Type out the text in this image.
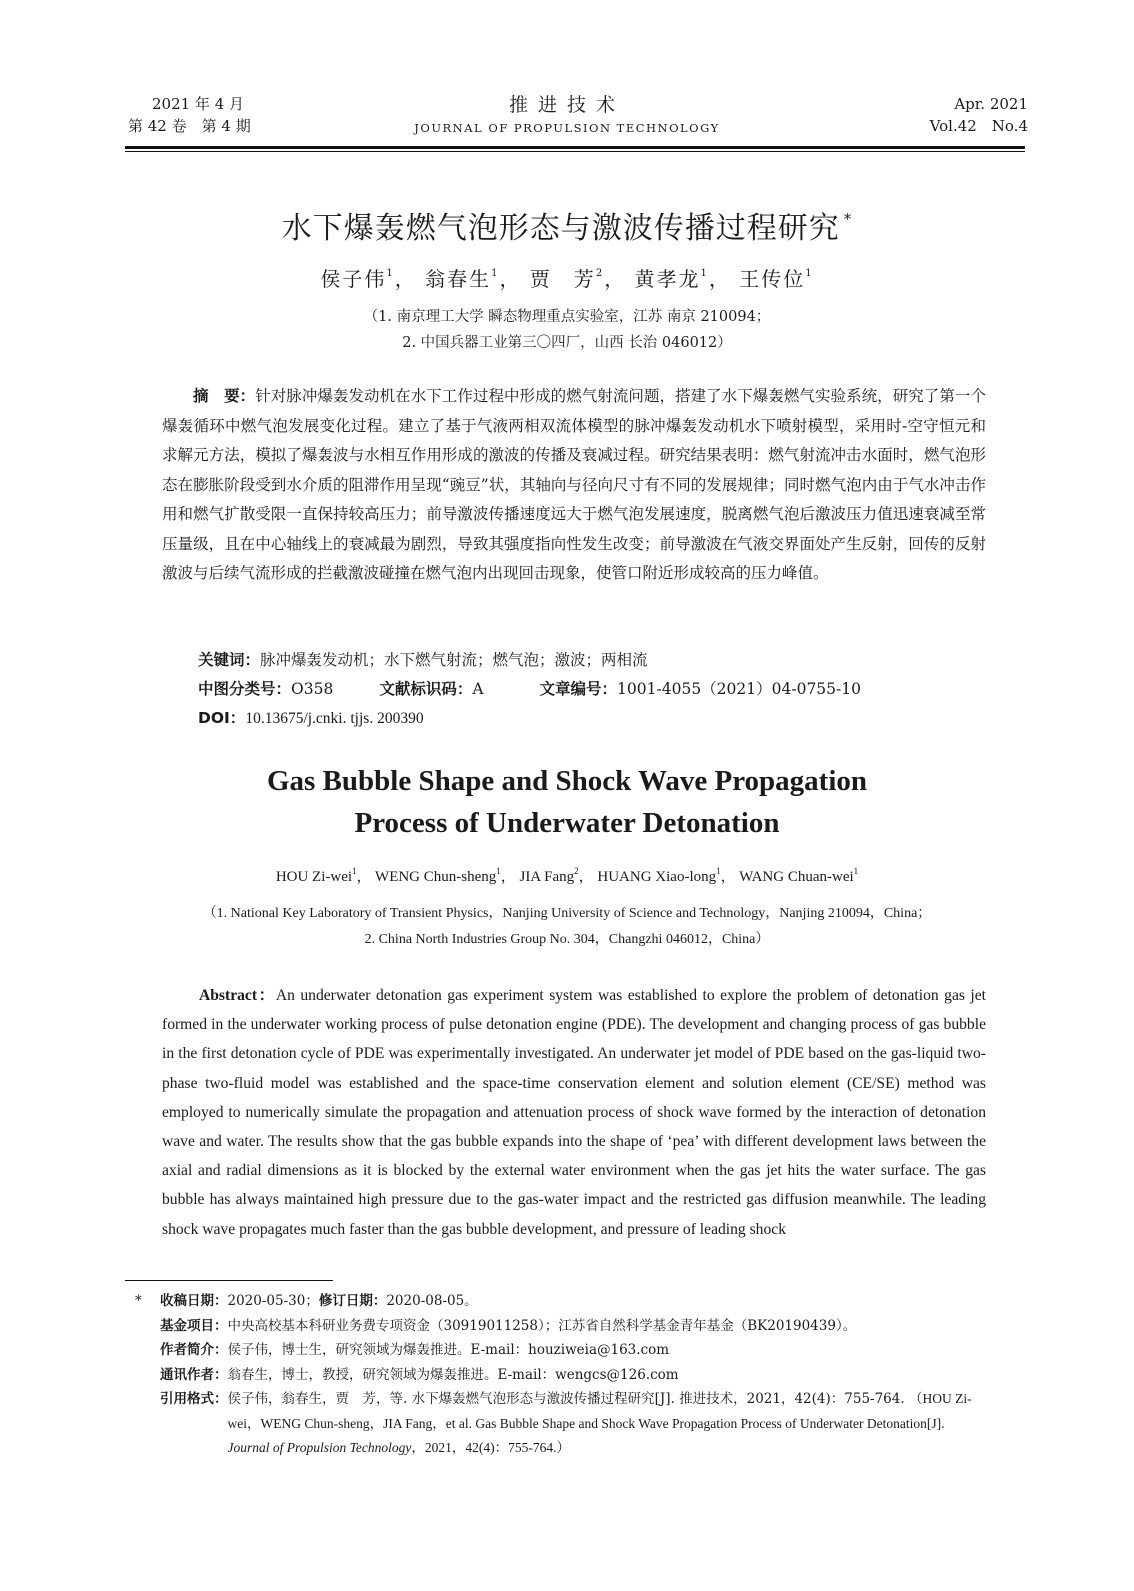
2021 年 4 月
第 42 卷　第 4 期
推进技术
JOURNAL OF PROPULSION TECHNOLOGY
Apr. 2021
Vol.42　No.4
水下爆轰燃气泡形态与激波传播过程研究 *
侯子伟$^1$， 翁春生$^1$， 贾　芳$^2$， 黄孝龙$^1$， 王传位$^1$
（1. 南京理工大学 瞬态物理重点实验室，江苏 南京 210094；
2. 中国兵器工业第三〇四厂，山西 长治 046012）

摘　要：针对脉冲爆轰发动机在水下工作过程中形成的燃气射流问题，搭建了水下爆轰燃气实验系统，研究了第一个爆轰循环中燃气泡发展变化过程。建立了基于气液两相双流体模型的脉冲爆轰发动机水下喷射模型，采用时-空守恒元和求解元方法，模拟了爆轰波与水相互作用形成的激波的传播及衰减过程。研究结果表明：燃气射流冲击水面时，燃气泡形态在膨胀阶段受到水介质的阻滞作用呈现“豌豆”状，其轴向与径向尺寸有不同的发展规律；同时燃气泡内由于气水冲击作用和燃气扩散受限一直保持较高压力；前导激波传播速度远大于燃气泡发展速度，脱离燃气泡后激波压力值迅速衰减至常压量级，且在中心轴线上的衰减最为剧烈，导致其强度指向性发生改变；前导激波在气液交界面处产生反射，回传的反射激波与后续气流形成的拦截激波碰撞在燃气泡内出现回击现象，使管口附近形成较高的压力峰值。

关键词：脉冲爆轰发动机；水下燃气射流；燃气泡；激波；两相流
中图分类号：O358	文献标识码：A	文章编号：1001-4055（2021）04-0755-10
DOI：10.13675/j.cnki. tjjs. 200390
Gas Bubble Shape and Shock Wave Propagation
Process of Underwater Detonation
HOU Zi-wei$^1$， WENG Chun-sheng$^1$， JIA Fang$^2$， HUANG Xiao-long$^1$， WANG Chuan-wei$^1$
（1. National Key Laboratory of Transient Physics，Nanjing University of Science and Technology，Nanjing 210094，China；
2. China North Industries Group No. 304，Changzhi 046012，China）

Abstract：An underwater detonation gas experiment system was established to explore the problem of detonation gas jet formed in the underwater working process of pulse detonation engine (PDE). The development and changing process of gas bubble in the first detonation cycle of PDE was experimentally investigated. An underwater jet model of PDE based on the gas-liquid two-phase two-fluid model was established and the space-time conservation element and solution element (CE/SE) method was employed to numerically simulate the propagation and attenuation process of shock wave formed by the interaction of detonation wave and water. The results show that the gas bubble expands into the shape of ‘pea’ with different development laws between the axial and radial dimensions as it is blocked by the external water environment when the gas jet hits the water surface. The gas bubble has always maintained high pressure due to the gas-water impact and the restricted gas diffusion meanwhile. The leading shock wave propagates much faster than the gas bubble development, and pressure of leading shock

*	收稿日期：2020-05-30；修订日期：2020-08-05。
基金项目： 中央高校基本科研业务费专项资金（30919011258）；江苏省自然科学基金青年基金（BK20190439）。
作者简介： 侯子伟，博士生，研究领域为爆轰推进。E-mail：houziweia@163.com
通讯作者： 翁春生，博士，教授，研究领域为爆轰推进。E-mail：wengcs@126.com
引用格式： 侯子伟，翁春生，贾　芳，等. 水下爆轰燃气泡形态与激波传播过程研究[J]. 推进技术，2021，42(4)：755-764. （HOU Zi-wei，WENG Chun-sheng，JIA Fang，et al. Gas Bubble Shape and Shock Wave Propagation Process of Underwater Detonation[J]. Journal of Propulsion Technology，2021，42(4)：755-764.）
